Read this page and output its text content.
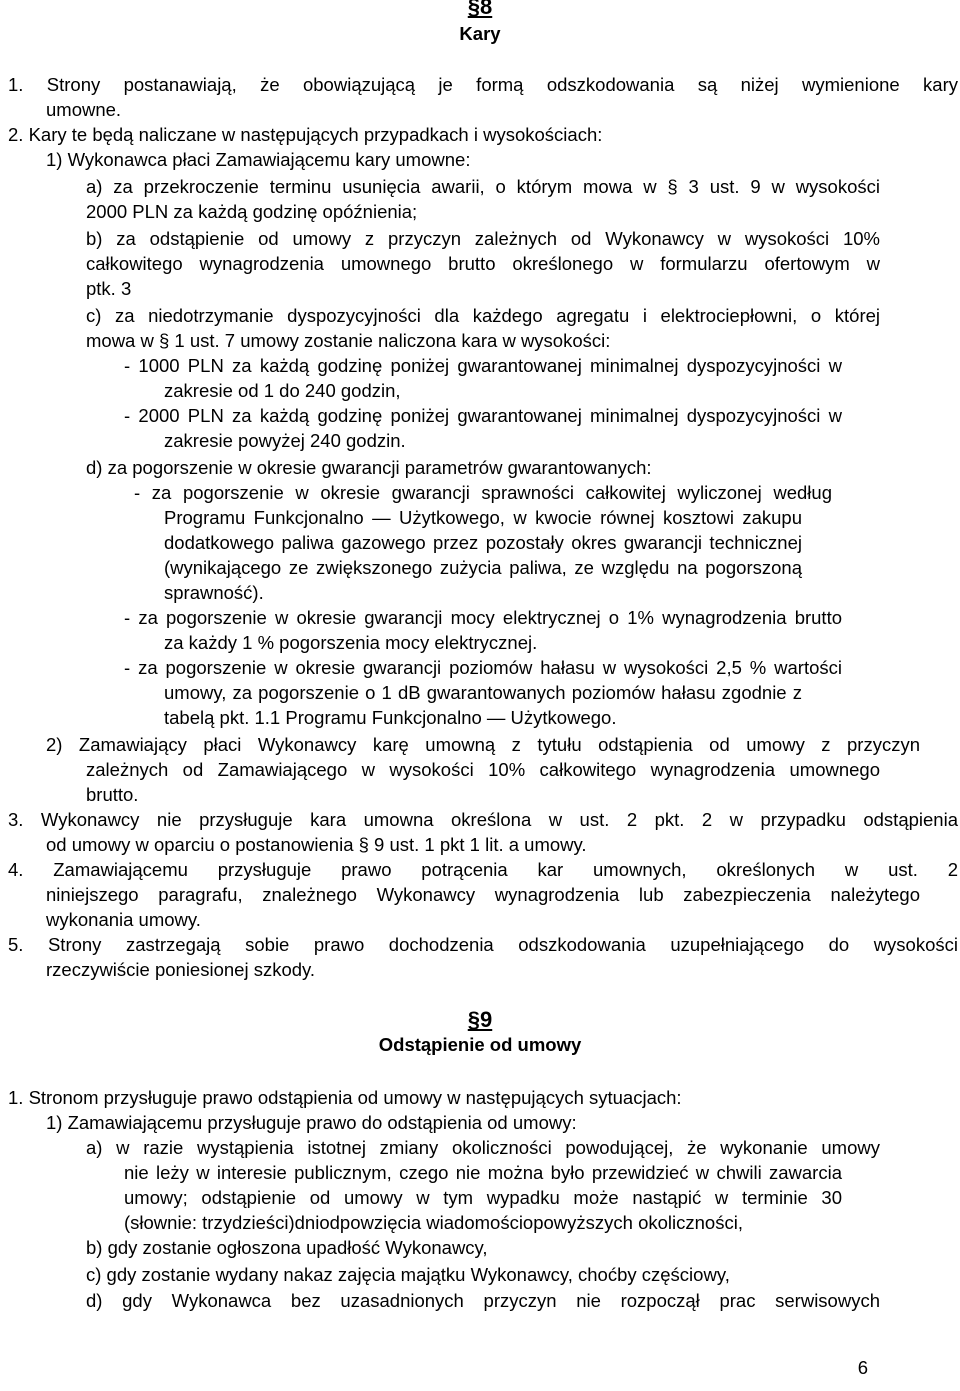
§8
Kary
1. Strony postanawiają, że obowiązującą je formą odszkodowania są niżej wymienione kary
umowne.
2. Kary te będą naliczane w następujących przypadkach i wysokościach:
1) Wykonawca płaci Zamawiającemu kary umowne:
a) za przekroczenie terminu usunięcia awarii, o którym mowa w § 3 ust. 9 w wysokości
2000 PLN za każdą godzinę opóźnienia;
b) za odstąpienie od umowy z przyczyn zależnych od Wykonawcy w wysokości 10%
całkowitego wynagrodzenia umownego brutto określonego w formularzu ofertowym w
ptk. 3
c) za niedotrzymanie dyspozycyjności dla każdego agregatu i elektrociepłowni, o której
mowa w § 1 ust. 7 umowy zostanie naliczona kara w wysokości:
- 1000 PLN za każdą godzinę poniżej gwarantowanej minimalnej dyspozycyjności w
zakresie od 1 do 240 godzin,
- 2000 PLN za każdą godzinę poniżej gwarantowanej minimalnej dyspozycyjności w
zakresie powyżej 240 godzin.
d) za pogorszenie w okresie gwarancji parametrów gwarantowanych:
- za pogorszenie w okresie gwarancji sprawności całkowitej wyliczonej według
Programu Funkcjonalno — Użytkowego, w kwocie równej kosztowi zakupu
dodatkowego paliwa gazowego przez pozostały okres gwarancji technicznej
(wynikającego ze zwiększonego zużycia paliwa, ze względu na pogorszoną
sprawność).
- za pogorszenie w okresie gwarancji mocy elektrycznej o 1% wynagrodzenia brutto
za każdy 1 % pogorszenia mocy elektrycznej.
- za pogorszenie w okresie gwarancji poziomów hałasu w wysokości 2,5 % wartości
umowy, za pogorszenie o 1 dB gwarantowanych poziomów hałasu zgodnie z
tabelą pkt. 1.1 Programu Funkcjonalno — Użytkowego.
2) Zamawiający płaci Wykonawcy karę umowną z tytułu odstąpienia od umowy z przyczyn
zależnych od Zamawiającego w wysokości 10% całkowitego wynagrodzenia umownego
brutto.
3. Wykonawcy nie przysługuje kara umowna określona w ust. 2 pkt. 2 w przypadku odstąpienia
od umowy w oparciu o postanowienia § 9 ust. 1 pkt 1 lit. a umowy.
4. Zamawiającemu przysługuje prawo potrącenia kar umownych, określonych w ust. 2
niniejszego paragrafu, znależnego Wykonawcy wynagrodzenia lub zabezpieczenia należytego
wykonania umowy.
5. Strony zastrzegają sobie prawo dochodzenia odszkodowania uzupełniającego do wysokości
rzeczywiście poniesionej szkody.
§9
Odstąpienie od umowy
1. Stronom przysługuje prawo odstąpienia od umowy w następujących sytuacjach:
1) Zamawiającemu przysługuje prawo do odstąpienia od umowy:
a) w razie wystąpienia istotnej zmiany okoliczności powodującej, że wykonanie umowy
nie leży w interesie publicznym, czego nie można było przewidzieć w chwili zawarcia
umowy; odstąpienie od umowy w tym wypadku może nastąpić w terminie 30
(słownie: trzydzieści)dniodpowzięcia wiadomościopowyższych okoliczności,
b) gdy zostanie ogłoszona upadłość Wykonawcy,
c) gdy zostanie wydany nakaz zajęcia majątku Wykonawcy, choćby częściowy,
d) gdy Wykonawca bez uzasadnionych przyczyn nie rozpoczął prac serwisowych
6
